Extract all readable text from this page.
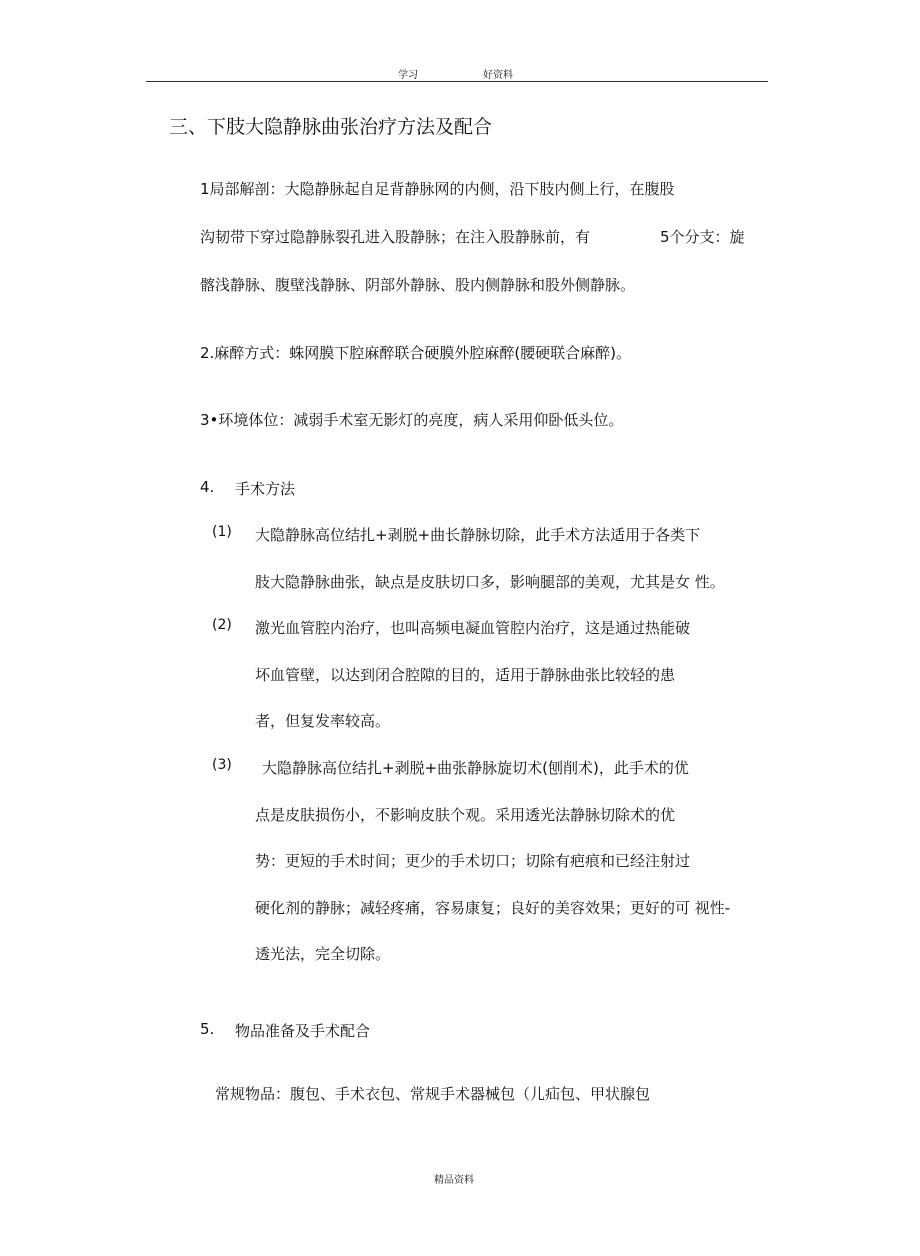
学习	好资料
三、下肢大隐静脉曲张治疗方法及配合
1局部解剖：大隐静脉起自足背静脉网的内侧，沿下肢内侧上行，在腹股
沟韧带下穿过隐静脉裂孔进入股静脉；在注入股静脉前，有	5个分支：旋
髂浅静脉、腹壁浅静脉、阴部外静脉、股内侧静脉和股外侧静脉。
2.麻醉方式：蛛网膜下腔麻醉联合硬膜外腔麻醉(腰硬联合麻醉)。
3•环境体位：减弱手术室无影灯的亮度，病人采用仰卧低头位。
4. 手术方法
(1) 大隐静脉高位结扎+剥脱+曲长静脉切除，此手术方法适用于各类下
肢大隐静脉曲张，缺点是皮肤切口多，影响腿部的美观，尤其是女 性。
(2) 激光血管腔内治疗，也叫高频电凝血管腔内治疗，这是通过热能破
坏血管壁，以达到闭合腔隙的目的，适用于静脉曲张比较轻的患
者，但复发率较高。
(3) 大隐静脉高位结扎+剥脱+曲张静脉旋切术(刨削术)，此手术的优
点是皮肤损伤小，不影响皮肤个观。采用透光法静脉切除术的优
势：更短的手术时间；更少的手术切口；切除有疤痕和已经注射过
硬化剂的静脉；减轻疼痛，容易康复；良好的美容效果；更好的可 视性-
透光法，完全切除。
5. 物品准备及手术配合
常规物品：腹包、手术衣包、常规手术器械包（儿疝包、甲状腺包
精品资料
